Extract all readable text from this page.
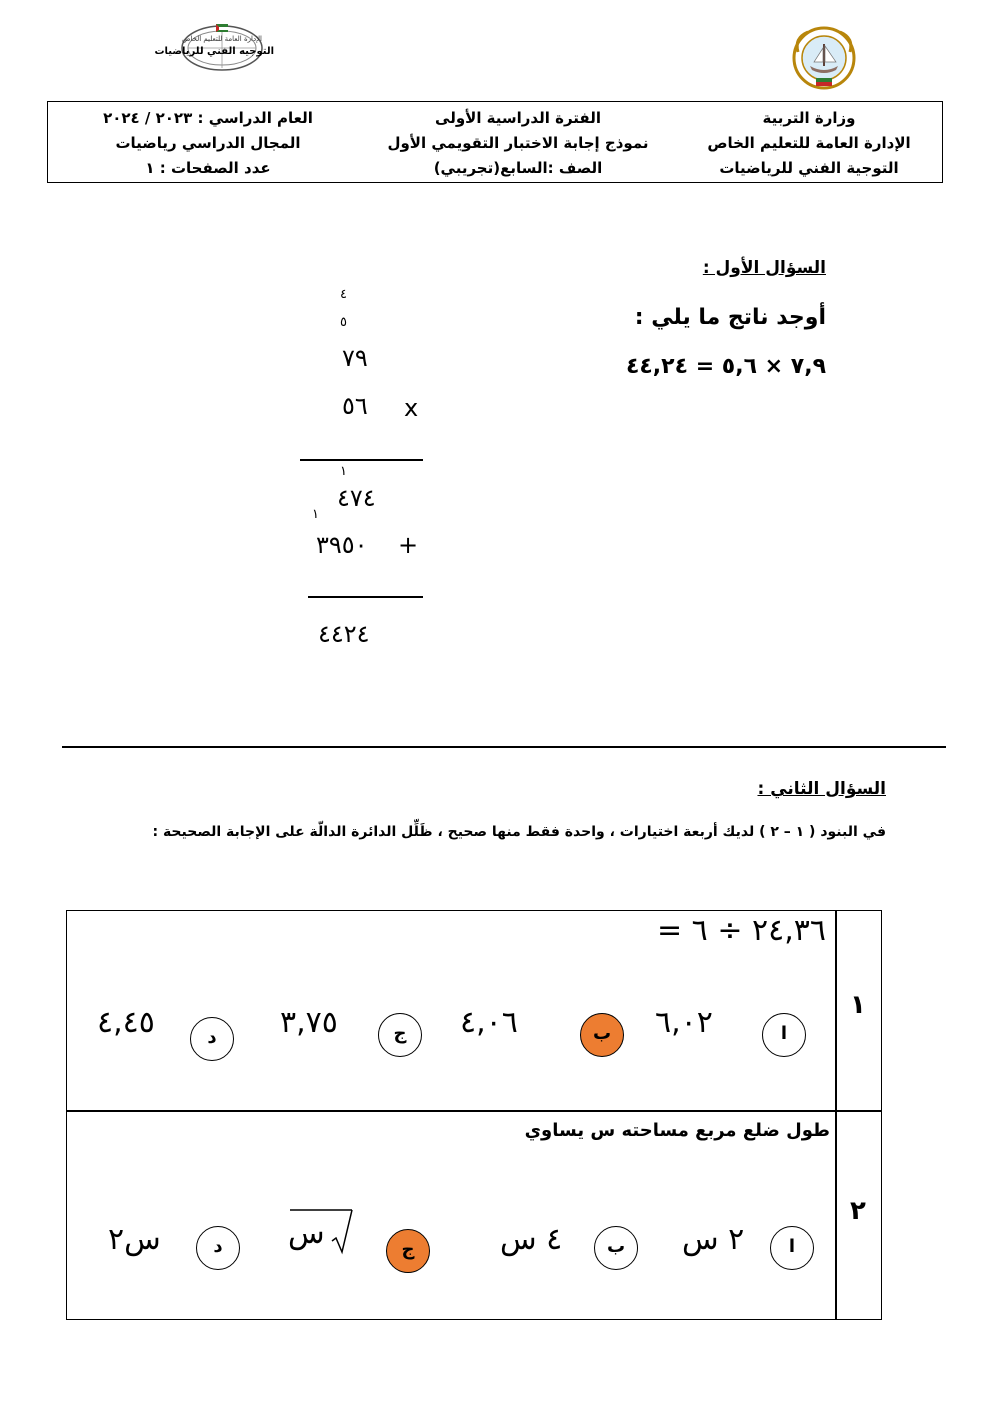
الإدارة العامة للتعليم الخاص
التوجيه الفني للرياضيات
وزارة التربية
الإدارة العامة للتعليم الخاص
التوجية الفني للرياضيات
الفترة الدراسية الأولى
نموذج إجابة الاختبار التقويمي الأول
الصف :السابع(تجريبي)
العام الدراسي : ٢٠٢٣ / ٢٠٢٤
المجال الدراسي رياضيات
عدد الصفحات : ١
السؤال الأول :
أوجد ناتج ما يلي :
٧,٩ × ٥,٦ = ٤٤,٢٤
٤
٥
٧٩
٥٦ x
١
٤٧٤
١
٣٩٥٠ +
٤٤٢٤
السؤال الثاني :
في البنود ( ١ – ٢ ) لديك أربعة اختيارات ، واحدة فقط منها صحيح ، ظَلِّل الدائرة الدالّة على الإجابة الصحيحة :
١
٢٤,٣٦ ÷ ٦ =
ا
٦,٠٢
ب
٤,٠٦
ج
٣,٧٥
د
٤,٤٥
٢
طول ضلع مربع مساحته س يساوي
ا
٢ س
ب
٤ س
ج
س
د
س٢
